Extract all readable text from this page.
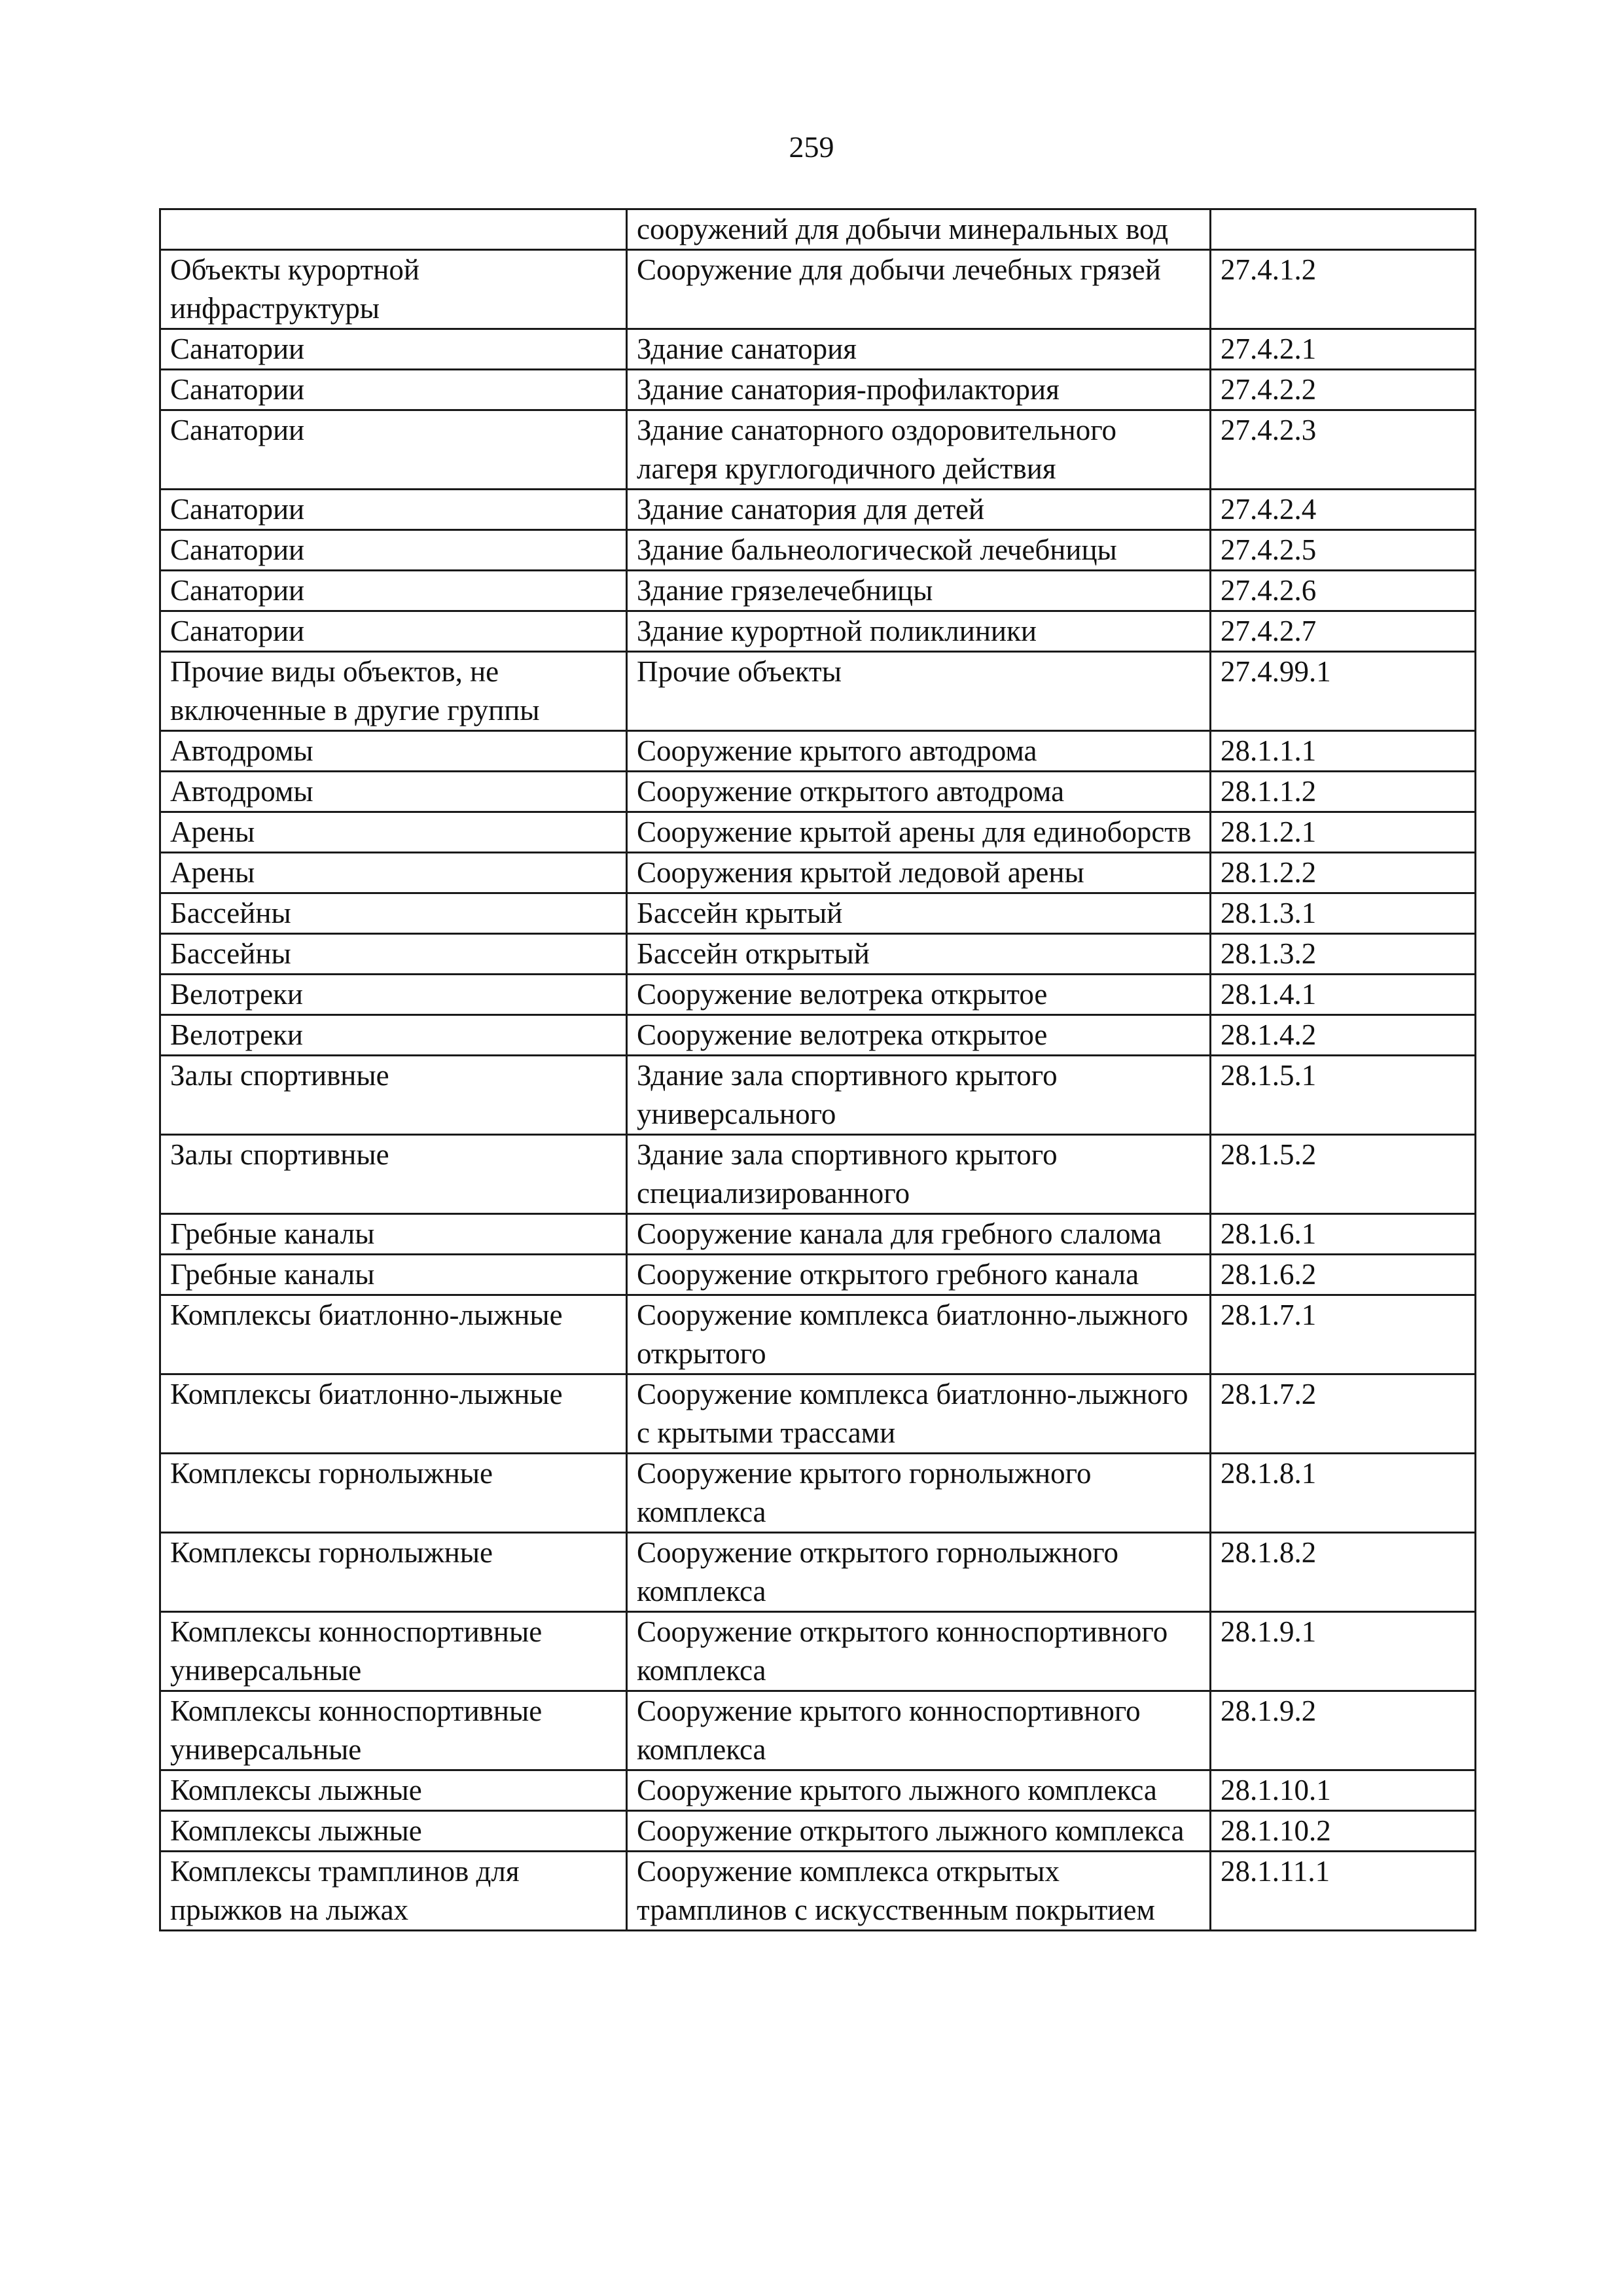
259

	сооружений для добычи минеральных вод	

Объекты курортной инфраструктуры	Сооружение для добычи лечебных грязей	27.4.1.2

Санатории	Здание санатория	27.4.2.1

Санатории	Здание санатория-профилактория	27.4.2.2

Санатории	Здание санаторного оздоровительного лагеря круглогодичного действия	27.4.2.3

Санатории	Здание санатория для детей	27.4.2.4

Санатории	Здание бальнеологической лечебницы	27.4.2.5

Санатории	Здание грязелечебницы	27.4.2.6

Санатории	Здание курортной поликлиники	27.4.2.7

Прочие виды объектов, не включенные в другие группы	Прочие объекты	27.4.99.1

Автодромы	Сооружение крытого автодрома	28.1.1.1

Автодромы	Сооружение открытого автодрома	28.1.1.2

Арены	Сооружение крытой арены для единоборств	28.1.2.1

Арены	Сооружения крытой ледовой арены	28.1.2.2

Бассейны	Бассейн крытый	28.1.3.1

Бассейны	Бассейн открытый	28.1.3.2

Велотреки	Сооружение велотрека открытое	28.1.4.1

Велотреки	Сооружение велотрека открытое	28.1.4.2

Залы спортивные	Здание зала спортивного крытого универсального	28.1.5.1

Залы спортивные	Здание зала спортивного крытого специализированного	28.1.5.2

Гребные каналы	Сооружение канала для гребного слалома	28.1.6.1

Гребные каналы	Сооружение открытого гребного канала	28.1.6.2

Комплексы биатлонно-лыжные	Сооружение комплекса биатлонно-лыжного открытого	28.1.7.1

Комплексы биатлонно-лыжные	Сооружение комплекса биатлонно-лыжного с крытыми трассами	28.1.7.2

Комплексы горнолыжные	Сооружение крытого горнолыжного комплекса	28.1.8.1

Комплексы горнолыжные	Сооружение открытого горнолыжного комплекса	28.1.8.2

Комплексы конноспортивные универсальные	Сооружение открытого конноспортивного комплекса	28.1.9.1

Комплексы конноспортивные универсальные	Сооружение крытого конноспортивного комплекса	28.1.9.2

Комплексы лыжные	Сооружение крытого лыжного комплекса	28.1.10.1

Комплексы лыжные	Сооружение открытого лыжного комплекса	28.1.10.2

Комплексы трамплинов для прыжков на лыжах	Сооружение комплекса открытых трамплинов с искусственным покрытием	28.1.11.1
